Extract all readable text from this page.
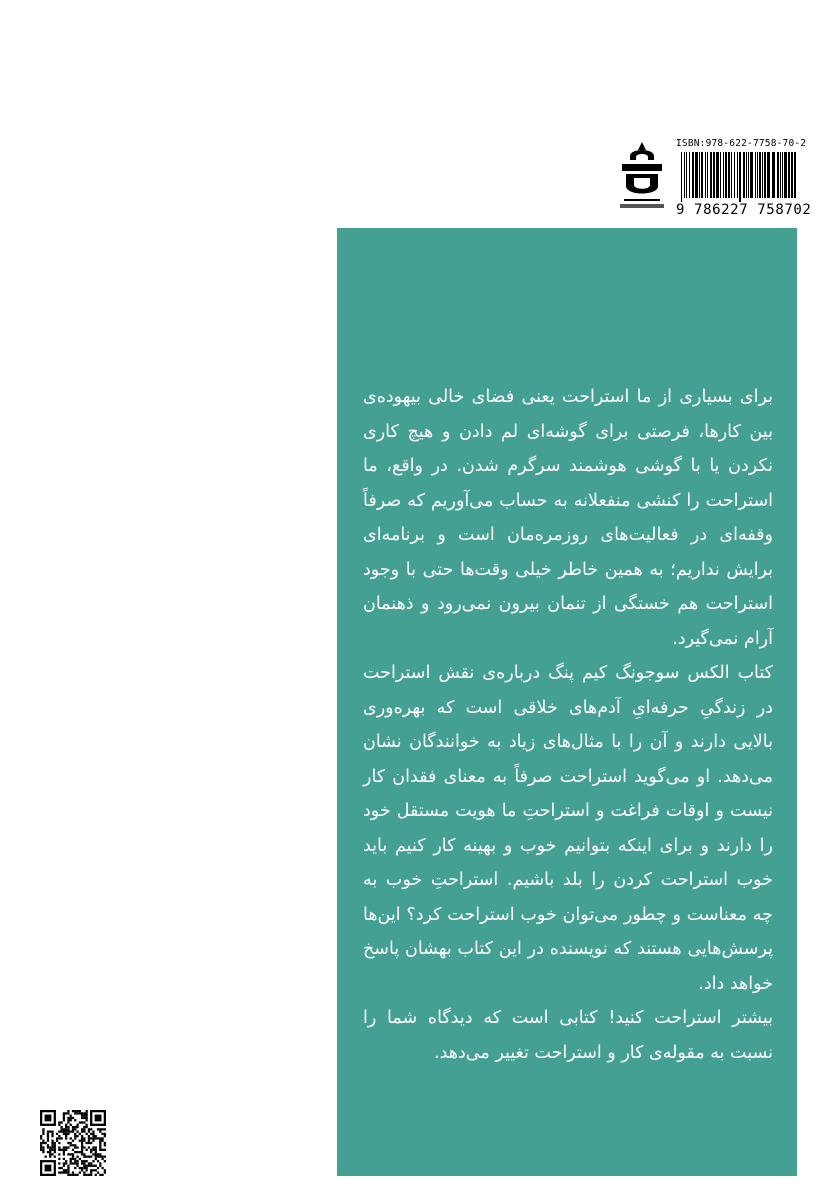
ISBN:978-622-7758-70-2
9 786227 758702

برای بسیاری از ما استراحت یعنی فضای خالی بیهوده‌ی بین کارها، فرصتی برای گوشه‌ای لم دادن و هیچ کاری نکردن یا با گوشی هوشمند سرگرم شدن. در واقع، ما استراحت را کنشی منفعلانه به حساب می‌آوریم که صرفاً وقفه‌ای در فعالیت‌های روزمره‌مان است و برنامه‌ای برایش نداریم؛ به همین خاطر خیلی وقت‌ها حتی با وجود استراحت هم خستگی از تنمان بیرون نمی‌رود و ذهنمان آرام نمی‌گیرد.

کتاب الکس سوجونگ کیم پنگ درباره‌ی نقش استراحت در زندگیِ حرفه‌ایِ آدم‌های خلاقی است که بهره‌وری بالایی دارند و آن را با مثال‌های زیاد به خوانندگان نشان می‌دهد. او می‌گوید استراحت صرفاً به معنای فقدان کار نیست و اوقات فراغت و استراحتِ ما هویت مستقل خود را دارند و برای اینکه بتوانیم خوب و بهینه کار کنیم باید خوب استراحت کردن را بلد باشیم. استراحتِ خوب به چه معناست و چطور می‌توان خوب استراحت کرد؟ این‌ها پرسش‌هایی هستند که نویسنده در این کتاب بهشان پاسخ خواهد داد.

بیشتر استراحت کنید! کتابی است که دیدگاه شما را نسبت به مقوله‌ی کار و استراحت تغییر می‌دهد.
